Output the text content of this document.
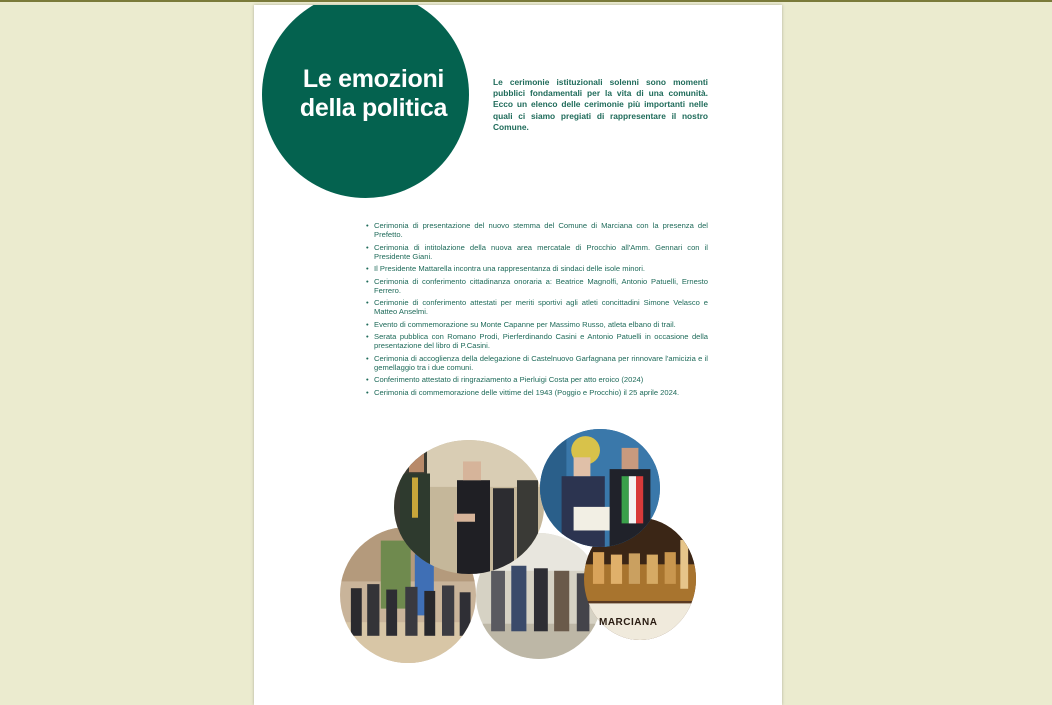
Le emozioni
della politica

Le cerimonie istituzionali solenni sono momenti pubblici fondamentali per la vita di una comunità. Ecco un elenco delle cerimonie più importanti nelle quali ci siamo pregiati di rappresentare il nostro Comune.

• Cerimonia di presentazione del nuovo stemma del Comune di Marciana con la presenza del Prefetto.
• Cerimonia di intitolazione della nuova area mercatale di Procchio all'Amm. Gennari con il Presidente Giani.
• Il Presidente Mattarella incontra una rappresentanza di sindaci delle isole minori.
• Cerimonia di conferimento cittadinanza onoraria a: Beatrice Magnolfi, Antonio Patuelli, Ernesto Ferrero.
• Cerimonie di conferimento attestati per meriti sportivi agli atleti concittadini Simone Velasco e Matteo Anselmi.
• Evento di commemorazione su Monte Capanne per Massimo Russo, atleta elbano di trail.
• Serata pubblica con Romano Prodi, Pierferdinando Casini e Antonio Patuelli in occasione della presentazione del libro di P.Casini.
• Cerimonia di accoglienza della delegazione di Castelnuovo Garfagnana per rinnovare l'amicizia e il gemellaggio tra i due comuni.
• Conferimento attestato di ringraziamento a Pierluigi Costa per atto eroico (2024)
• Cerimonia di commemorazione delle vittime del 1943 (Poggio e Procchio) il 25 aprile 2024.
MARCIANA
